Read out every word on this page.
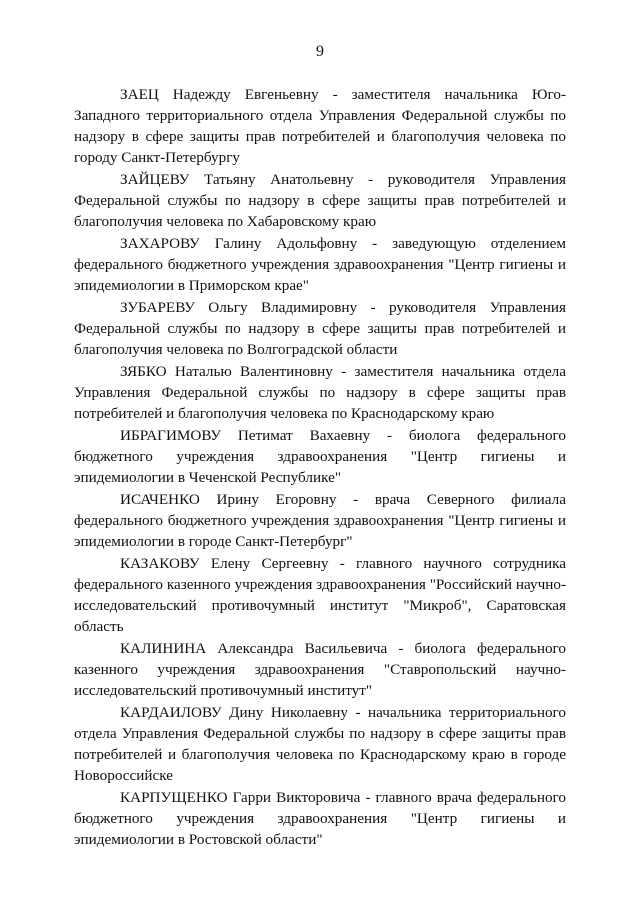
9

ЗАЕЦ Надежду Евгеньевну - заместителя начальника Юго-Западного территориального отдела Управления Федеральной службы по надзору в сфере защиты прав потребителей и благополучия человека по городу Санкт-Петербургу

ЗАЙЦЕВУ Татьяну Анатольевну - руководителя Управления Федеральной службы по надзору в сфере защиты прав потребителей и благополучия человека по Хабаровскому краю

ЗАХАРОВУ Галину Адольфовну - заведующую отделением федерального бюджетного учреждения здравоохранения "Центр гигиены и эпидемиологии в Приморском крае"

ЗУБАРЕВУ Ольгу Владимировну - руководителя Управления Федеральной службы по надзору в сфере защиты прав потребителей и благополучия человека по Волгоградской области

ЗЯБКО Наталью Валентиновну - заместителя начальника отдела Управления Федеральной службы по надзору в сфере защиты прав потребителей и благополучия человека по Краснодарскому краю

ИБРАГИМОВУ Петимат Вахаевну - биолога федерального бюджетного учреждения здравоохранения "Центр гигиены и эпидемиологии в Чеченской Республике"

ИСАЧЕНКО Ирину Егоровну - врача Северного филиала федерального бюджетного учреждения здравоохранения "Центр гигиены и эпидемиологии в городе Санкт-Петербург"

КАЗАКОВУ Елену Сергеевну - главного научного сотрудника федерального казенного учреждения здравоохранения "Российский научно-исследовательский противочумный институт "Микроб", Саратовская область

КАЛИНИНА Александра Васильевича - биолога федерального казенного учреждения здравоохранения "Ставропольский научно-исследовательский противочумный институт"

КАРДАИЛОВУ Дину Николаевну - начальника территориального отдела Управления Федеральной службы по надзору в сфере защиты прав потребителей и благополучия человека по Краснодарскому краю в городе Новороссийске

КАРПУЩЕНКО Гарри Викторовича - главного врача федерального бюджетного учреждения здравоохранения "Центр гигиены и эпидемиологии в Ростовской области"
